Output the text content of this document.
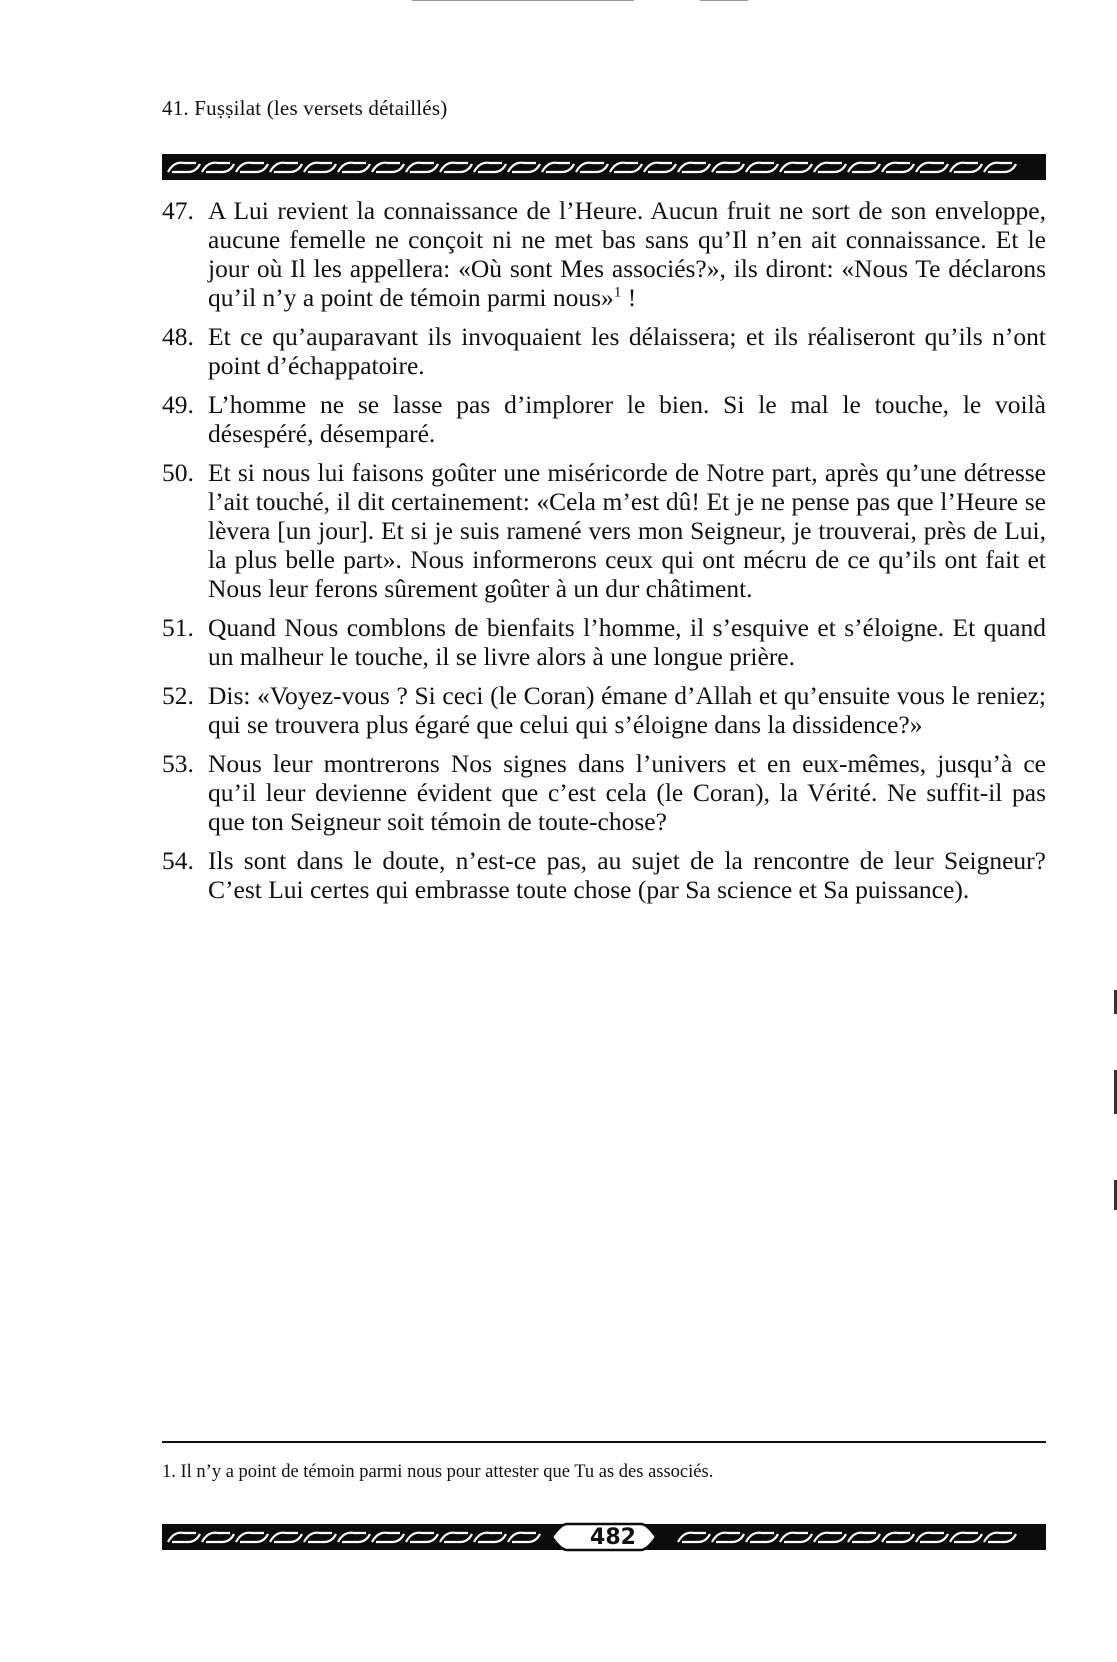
41. Fuṣṣilat (les versets détaillés)
47. A Lui revient la connaissance de l’Heure. Aucun fruit ne sort de son enveloppe, aucune femelle ne conçoit ni ne met bas sans qu’Il n’en ait connaissance. Et le jour où Il les appellera: «Où sont Mes associés?», ils diront: «Nous Te déclarons qu’il n’y a point de témoin parmi nous»$^1$ !
48. Et ce qu’auparavant ils invoquaient les délaissera; et ils réaliseront qu’ils n’ont point d’échappatoire.
49. L’homme ne se lasse pas d’implorer le bien. Si le mal le touche, le voilà désespéré, désemparé.
50. Et si nous lui faisons goûter une miséricorde de Notre part, après qu’une détresse l’ait touché, il dit certainement: «Cela m’est dû! Et je ne pense pas que l’Heure se lèvera [un jour]. Et si je suis ramené vers mon Seigneur, je trouverai, près de Lui, la plus belle part». Nous informerons ceux qui ont mécru de ce qu’ils ont fait et Nous leur ferons sûrement goûter à un dur châtiment.
51. Quand Nous comblons de bienfaits l’homme, il s’esquive et s’éloigne. Et quand un malheur le touche, il se livre alors à une longue prière.
52. Dis: «Voyez-vous ? Si ceci (le Coran) émane d’Allah et qu’ensuite vous le reniez; qui se trouvera plus égaré que celui qui s’éloigne dans la dissidence?»
53. Nous leur montrerons Nos signes dans l’univers et en eux-mêmes, jusqu’à ce qu’il leur devienne évident que c’est cela (le Coran), la Vérité. Ne suffit-il pas que ton Seigneur soit témoin de toute-chose?
54. Ils sont dans le doute, n’est-ce pas, au sujet de la rencontre de leur Seigneur? C’est Lui certes qui embrasse toute chose (par Sa science et Sa puissance).
1. Il n’y a point de témoin parmi nous pour attester que Tu as des associés.
482
